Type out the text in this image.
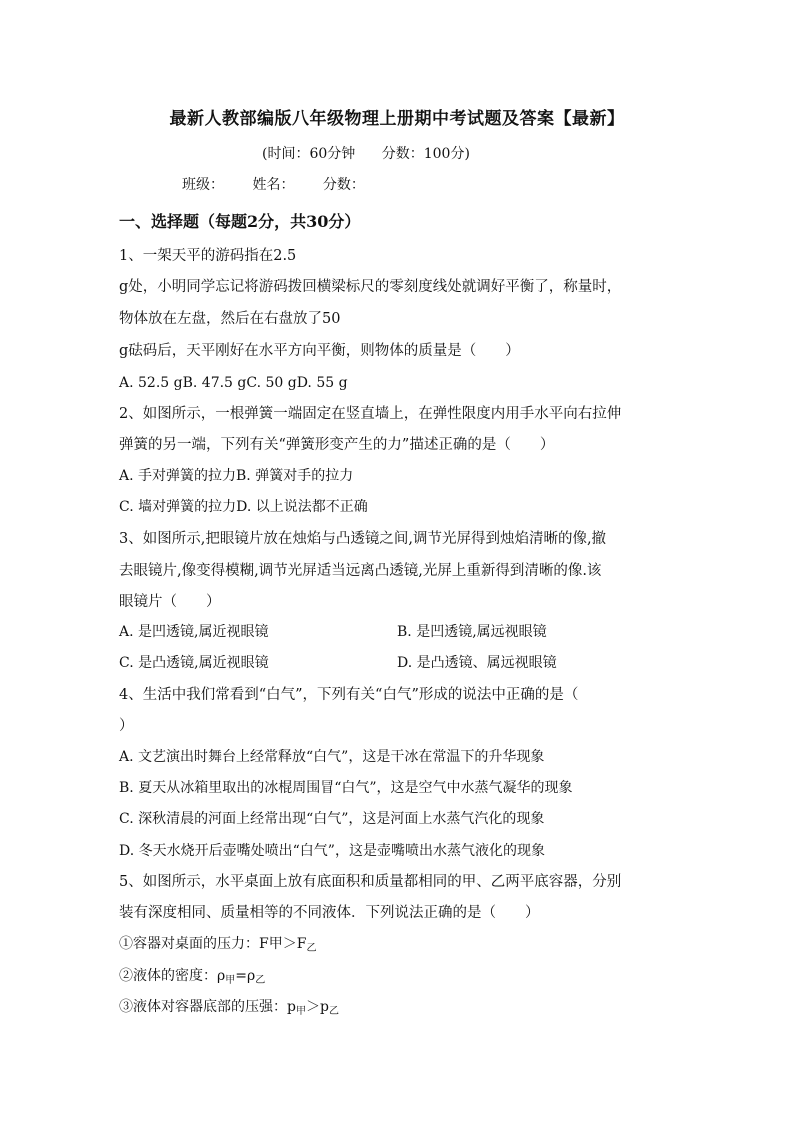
最新人教部编版八年级物理上册期中考试题及答案【最新】
(时间：60分钟 分数：100分)
班级： 姓名： 分数：
一、选择题（每题2分，共30分）
1、一架天平的游码指在2.5
g处，小明同学忘记将游码拨回横梁标尺的零刻度线处就调好平衡了，称量时，
物体放在左盘，然后在右盘放了50
g砝码后，天平刚好在水平方向平衡，则物体的质量是（　　）
A. 52.5 gB. 47.5 gC. 50 gD. 55 g
2、如图所示，一根弹簧一端固定在竖直墙上，在弹性限度内用手水平向右拉伸
弹簧的另一端，下列有关“弹簧形变产生的力”描述正确的是（　　）
A. 手对弹簧的拉力B. 弹簧对手的拉力
C. 墙对弹簧的拉力D. 以上说法都不正确
3、如图所示,把眼镜片放在烛焰与凸透镜之间,调节光屏得到烛焰清晰的像,撤
去眼镜片,像变得模糊,调节光屏适当远离凸透镜,光屏上重新得到清晰的像.该
眼镜片（　　）
A. 是凹透镜,属近视眼镜	B. 是凹透镜,属远视眼镜
C. 是凸透镜,属近视眼镜	D. 是凸透镜、属远视眼镜
4、生活中我们常看到“白气”，下列有关“白气”形成的说法中正确的是（
）
A. 文艺演出时舞台上经常释放“白气”，这是干冰在常温下的升华现象
B. 夏天从冰箱里取出的冰棍周围冒“白气”，这是空气中水蒸气凝华的现象
C. 深秋清晨的河面上经常出现“白气”，这是河面上水蒸气汽化的现象
D. 冬天水烧开后壶嘴处喷出“白气”，这是壶嘴喷出水蒸气液化的现象
5、如图所示，水平桌面上放有底面积和质量都相同的甲、乙两平底容器，分别
装有深度相同、质量相等的不同液体．下列说法正确的是（　　）
①容器对桌面的压力：F甲$>F_乙$
②液体的密度：$\rho_甲=\rho_乙$
③液体对容器底部的压强：$p_甲>p_乙$
